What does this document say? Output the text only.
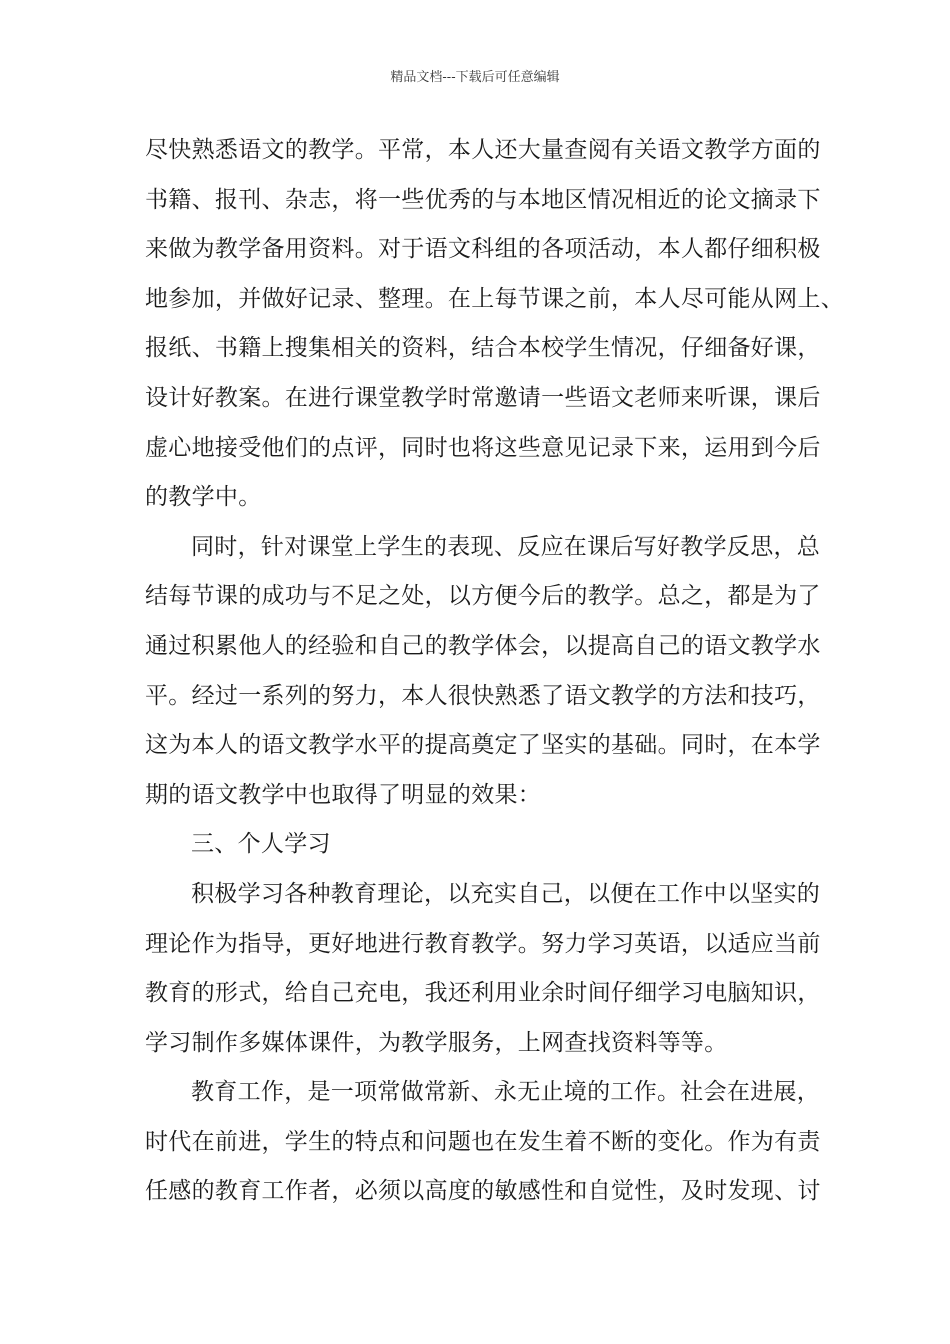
精品文档---下载后可任意编辑
尽快熟悉语文的教学。平常，本人还大量查阅有关语文教学方面的
书籍、报刊、杂志，将一些优秀的与本地区情况相近的论文摘录下
来做为教学备用资料。对于语文科组的各项活动，本人都仔细积极
地参加，并做好记录、整理。在上每节课之前，本人尽可能从网上、
报纸、书籍上搜集相关的资料，结合本校学生情况，仔细备好课，
设计好教案。在进行课堂教学时常邀请一些语文老师来听课，课后
虚心地接受他们的点评，同时也将这些意见记录下来，运用到今后
的教学中。
同时，针对课堂上学生的表现、反应在课后写好教学反思，总
结每节课的成功与不足之处，以方便今后的教学。总之，都是为了
通过积累他人的经验和自己的教学体会，以提高自己的语文教学水
平。经过一系列的努力，本人很快熟悉了语文教学的方法和技巧，
这为本人的语文教学水平的提高奠定了坚实的基础。同时，在本学
期的语文教学中也取得了明显的效果：
三、个人学习
积极学习各种教育理论，以充实自己，以便在工作中以坚实的
理论作为指导，更好地进行教育教学。努力学习英语，以适应当前
教育的形式，给自己充电，我还利用业余时间仔细学习电脑知识，
学习制作多媒体课件，为教学服务，上网查找资料等等。
教育工作，是一项常做常新、永无止境的工作。社会在进展，
时代在前进，学生的特点和问题也在发生着不断的变化。作为有责
任感的教育工作者，必须以高度的敏感性和自觉性，及时发现、讨
